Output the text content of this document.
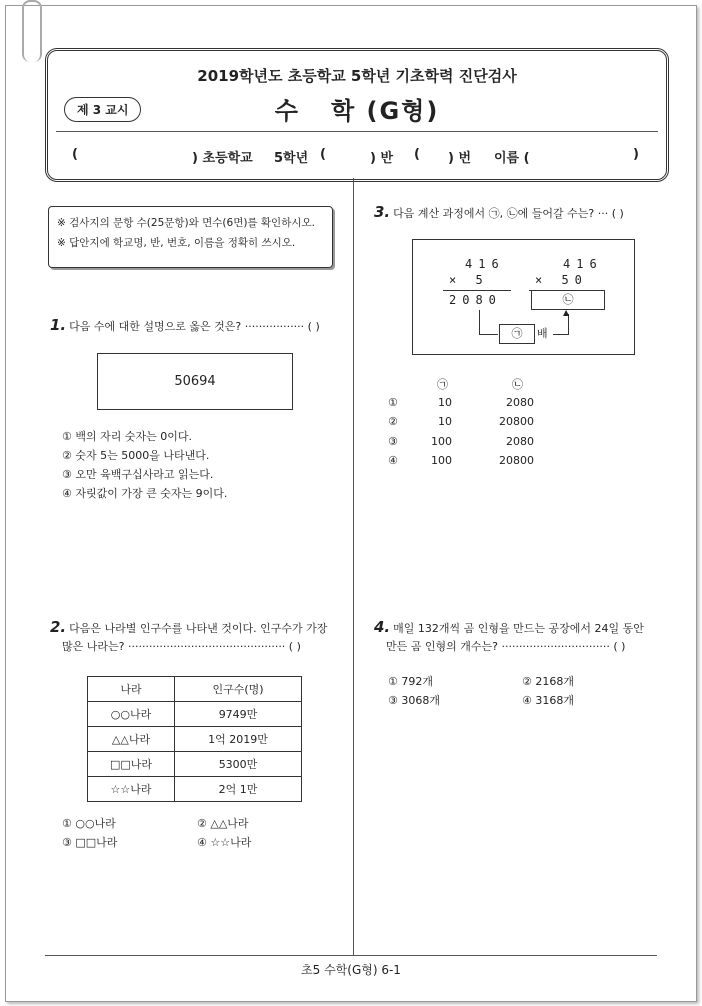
2019학년도 초등학교 5학년 기초학력 진단검사
제 3 교시	수   학 (G형)
(	) 초등학교 5학년 (	) 반 ( ) 번 이름 (	)
※ 검사지의 문항 수(25문항)와 면수(6면)를 확인하시오.
※ 답안지에 학교명, 반, 번호, 이름을 정확히 쓰시오.
1. 다음 수에 대한 설명으로 옳은 것은? ················· ( )
50694
① 백의 자리 숫자는 0이다.
② 숫자 5는 5000을 나타낸다.
③ 오만 육백구십사라고 읽는다.
④ 자릿값이 가장 큰 숫자는 9이다.
2. 다음은 나라별 인구수를 나타낸 것이다. 인구수가 가장
많은 나라는? ············································· ( )
나라	인구수(명)
○○나라	9749만
△△나라	1억 2019만
□□나라	5300만
☆☆나라	2억 1만
① ○○나라	② △△나라
③ □□나라	④ ☆☆나라
3. 다음 계산 과정에서 ㉠, ㉡에 들어갈 수는? ··· ( )
416
× 5
2080
416
× 50
㉡
㉠	배
▲
㉠	㉡
①	10	2080
②	10	20800
③	100	2080
④	100	20800
4. 매일 132개씩 곰 인형을 만드는 공장에서 24일 동안
만든 곰 인형의 개수는? ······························· ( )
① 792개	② 2168개
③ 3068개	④ 3168개
초5 수학(G형) 6-1
